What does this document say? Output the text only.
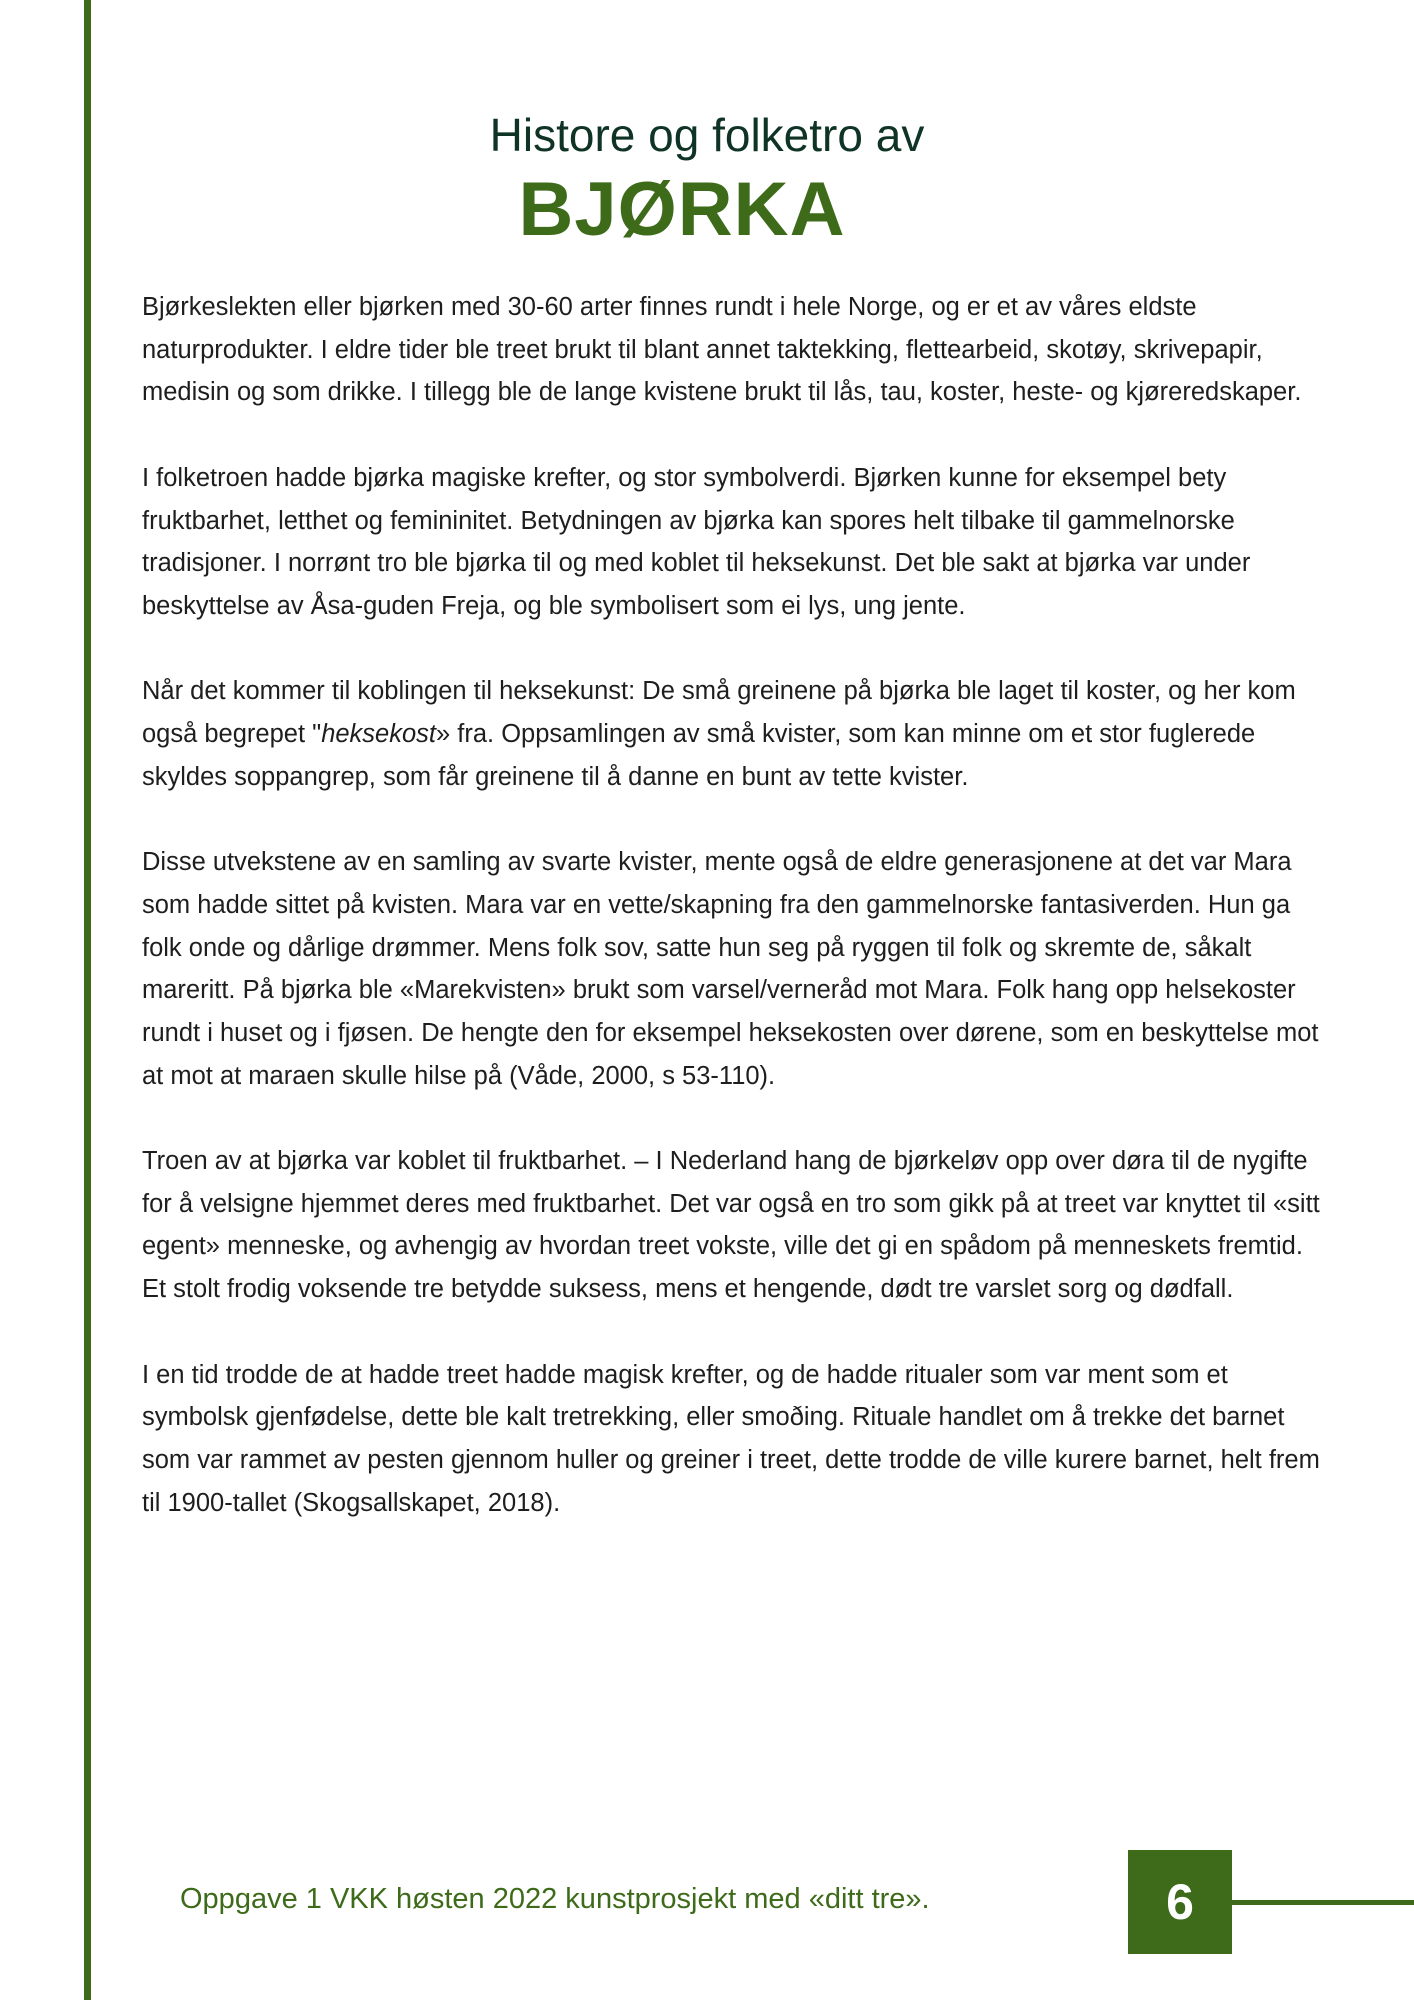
Histore og folketro av
BJØRKA

Bjørkeslekten eller bjørken med 30-60 arter finnes rundt i hele Norge, og er et av våres eldste naturprodukter. I eldre tider ble treet brukt til blant annet taktekking, flettearbeid, skotøy, skrivepapir, medisin og som drikke. I tillegg ble de lange kvistene brukt til lås, tau, koster, heste- og kjøreredskaper.

I folketroen hadde bjørka magiske krefter, og stor symbolverdi. Bjørken kunne for eksempel bety fruktbarhet, letthet og femininitet. Betydningen av bjørka kan spores helt tilbake til gammelnorske tradisjoner. I norrønt tro ble bjørka til og med koblet til heksekunst. Det ble sakt at bjørka var under beskyttelse av Åsa-guden Freja, og ble symbolisert som ei lys, ung jente.

Når det kommer til koblingen til heksekunst: De små greinene på bjørka ble laget til koster, og her kom også begrepet "heksekost» fra. Oppsamlingen av små kvister, som kan minne om et stor fuglerede skyldes soppangrep, som får greinene til å danne en bunt av tette kvister.

Disse utvekstene av en samling av svarte kvister, mente også de eldre generasjonene at det var Mara som hadde sittet på kvisten. Mara var en vette/skapning fra den gammelnorske fantasiverden. Hun ga folk onde og dårlige drømmer. Mens folk sov, satte hun seg på ryggen til folk og skremte de, såkalt mareritt. På bjørka ble «Marekvisten» brukt som varsel/verneråd mot Mara. Folk hang opp helsekoster rundt i huset og i fjøsen. De hengte den for eksempel heksekosten over dørene, som en beskyttelse mot at mot at maraen skulle hilse på (Våde, 2000, s 53-110).

Troen av at bjørka var koblet til fruktbarhet. – I Nederland hang de bjørkeløv opp over døra til de nygifte for å velsigne hjemmet deres med fruktbarhet. Det var også en tro som gikk på at treet var knyttet til «sitt egent» menneske, og avhengig av hvordan treet vokste, ville det gi en spådom på menneskets fremtid. Et stolt frodig voksende tre betydde suksess, mens et hengende, dødt tre varslet sorg og dødfall.

I en tid trodde de at hadde treet hadde magisk krefter, og de hadde ritualer som var ment som et symbolsk gjenfødelse, dette ble kalt tretrekking, eller smoðing. Rituale handlet om å trekke det barnet som var rammet av pesten gjennom huller og greiner i treet, dette trodde de ville kurere barnet, helt frem til 1900-tallet (Skogsallskapet, 2018).

Oppgave 1 VKK høsten 2022 kunstprosjekt med «ditt tre».	6
